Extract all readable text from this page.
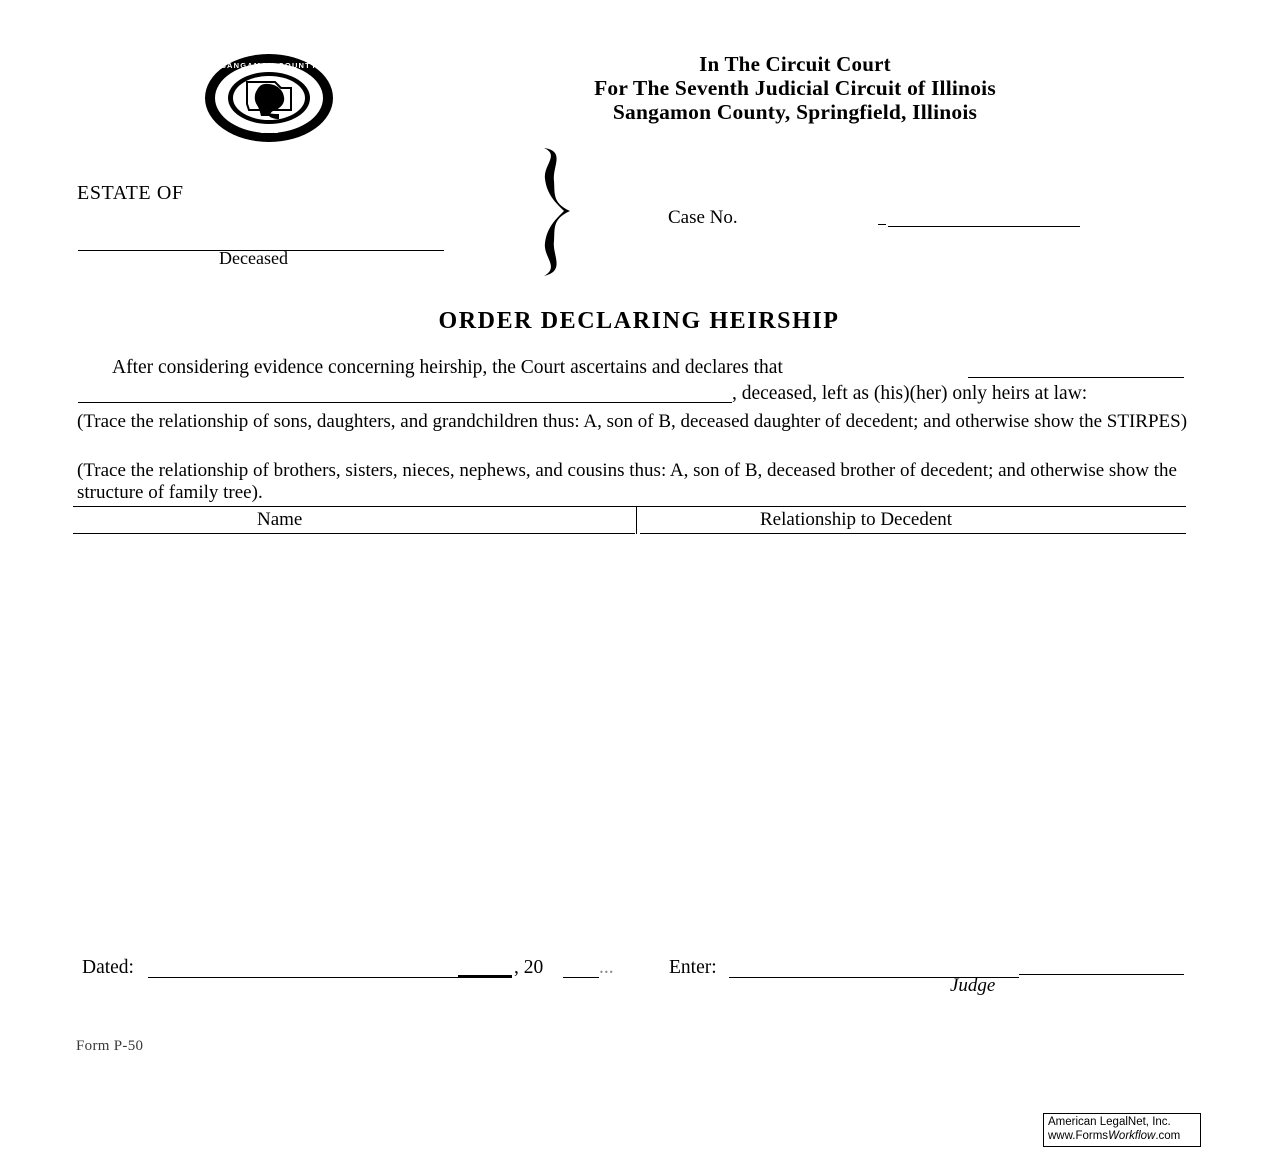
· 1821 ·
SANGAMON COUNTY	In The Circuit Court
For The Seventh Judicial Circuit of Illinois
Sangamon County, Springfield, Illinois
ESTATE OF
Deceased
Case No.
ORDER DECLARING HEIRSHIP
After considering evidence concerning heirship, the Court ascertains and declares that
, deceased, left as (his)(her) only heirs at law:
(Trace the relationship of sons, daughters, and grandchildren thus: A, son of B, deceased daughter of decedent; and otherwise show the STIRPES)
(Trace the relationship of brothers, sisters, nieces, nephews, and cousins thus: A, son of B, deceased brother of decedent; and otherwise show the structure of family tree).
Name	Relationship to Decedent
Dated:	, 20	...	Enter:
Judge
Form P-50
American LegalNet, Inc.
www.FormsWorkflow.com
